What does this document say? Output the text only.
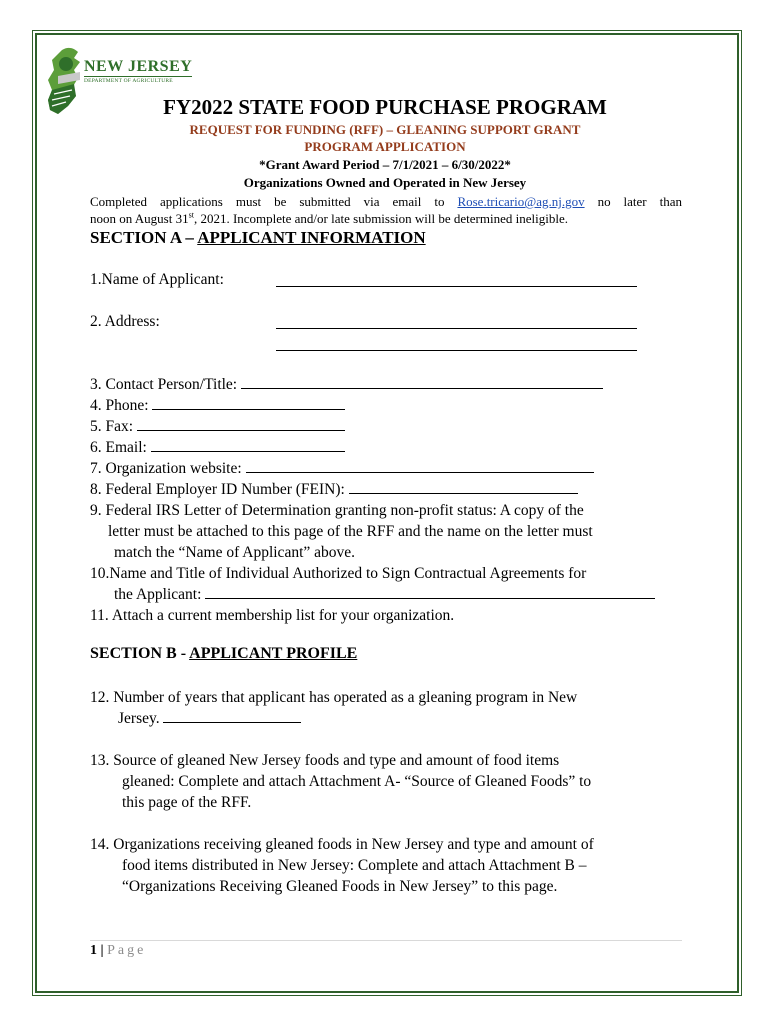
NEW JERSEY
DEPARTMENT OF AGRICULTURE
FY2022 STATE FOOD PURCHASE PROGRAM
REQUEST FOR FUNDING (RFF) – GLEANING SUPPORT GRANT
PROGRAM APPLICATION
*Grant Award Period – 7/1/2021 – 6/30/2022*
Organizations Owned and Operated in New Jersey
Completed applications must be submitted via email to Rose.tricario@ag.nj.gov no later than
noon on August 31st, 2021. Incomplete and/or late submission will be determined ineligible.
SECTION A – APPLICANT INFORMATION
1.Name of Applicant:
2. Address:
3. Contact Person/Title:
4. Phone:
5. Fax:
6. Email:
7. Organization website:
8. Federal Employer ID Number (FEIN):
9. Federal IRS Letter of Determination granting non-profit status: A copy of the
letter must be attached to this page of the RFF and the name on the letter must
match the “Name of Applicant” above.
10.Name and Title of Individual Authorized to Sign Contractual Agreements for
the Applicant:
11. Attach a current membership list for your organization.
SECTION B - APPLICANT PROFILE
12. Number of years that applicant has operated as a gleaning program in New
Jersey.
13. Source of gleaned New Jersey foods and type and amount of food items
gleaned: Complete and attach Attachment A- “Source of Gleaned Foods” to
this page of the RFF.
14. Organizations receiving gleaned foods in New Jersey and type and amount of
food items distributed in New Jersey: Complete and attach Attachment B –
“Organizations Receiving Gleaned Foods in New Jersey” to this page.
1 | Page
